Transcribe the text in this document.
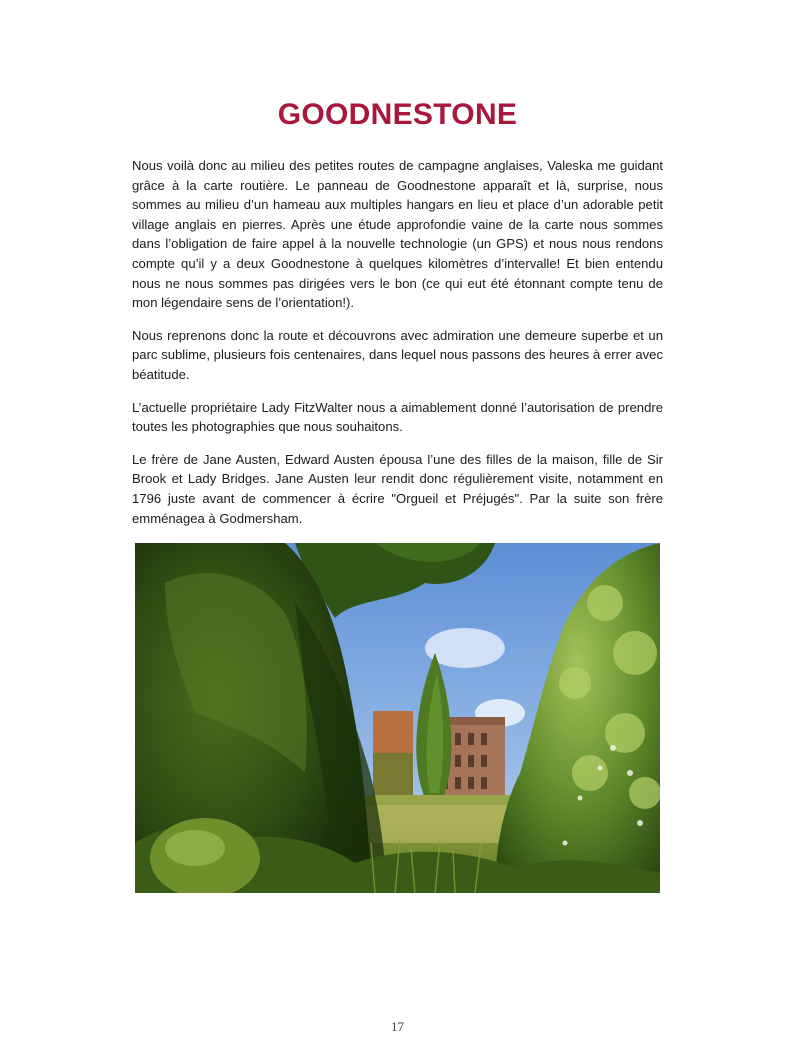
GOODNESTONE

Nous voilà donc au milieu des petites routes de campagne anglaises, Valeska me guidant grâce à la carte routière. Le panneau de Goodnestone apparaît et là, surprise, nous sommes au milieu d’un hameau aux multiples hangars en lieu et place d’un adorable petit village anglais en pierres. Après une étude approfondie vaine de la carte nous sommes dans l’obligation de faire appel à la nouvelle technologie (un GPS) et nous nous rendons compte qu’il y a deux Goodnestone à quelques kilomètres d’intervalle! Et bien entendu nous ne nous sommes pas dirigées vers le bon (ce qui eut été étonnant compte tenu de mon légendaire sens de l’orientation!).

Nous reprenons donc la route et découvrons avec admiration une demeure superbe et un parc sublime, plusieurs fois centenaires, dans lequel nous passons des heures à errer avec béatitude.

L’actuelle propriétaire Lady FitzWalter nous a aimablement donné l’autorisation de prendre toutes les photographies que nous souhaitons.

Le frère de Jane Austen, Edward Austen épousa l’une des filles de la maison, fille de Sir Brook et Lady Bridges. Jane Austen leur rendit donc régulièrement visite, notamment en 1796 juste avant de commencer à écrire "Orgueil et Préjugés". Par la suite son frère emménagea à Godmersham.

17
